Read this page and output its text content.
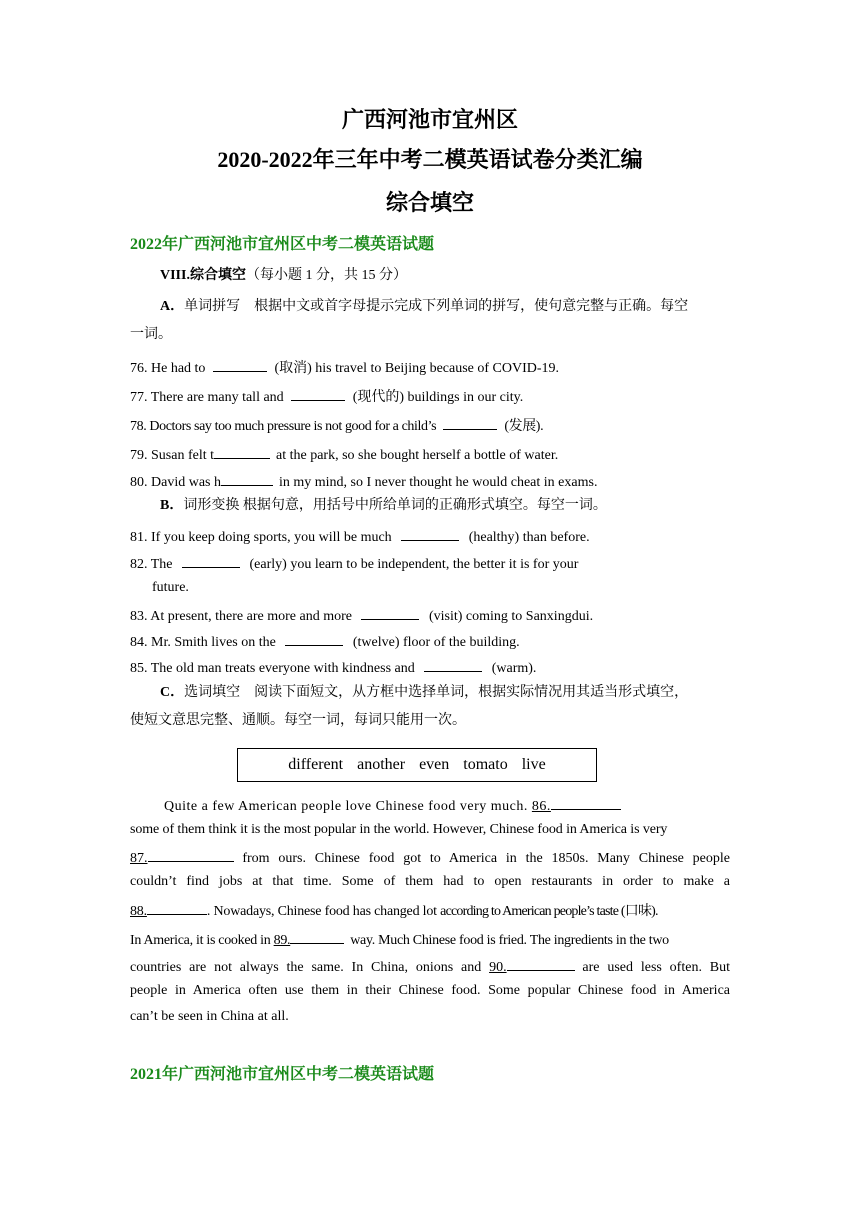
广西河池市宜州区
2020-2022年三年中考二模英语试卷分类汇编
综合填空
2022年广西河池市宜州区中考二模英语试题
VIII.综合填空（每小题 1 分，共 15 分）
A．单词拼写　根据中文或首字母提示完成下列单词的拼写，使句意完整与正确。每空
一词。
76. He had to	(取消) his travel to Beijing because of COVID-19.
77. There are many tall and	(现代的) buildings in our city.
78. Doctors say too much pressure is not good for a child’s	(发展).
79. Susan felt t	at the park, so she bought herself a bottle of water.
80. David was h	in my mind, so I never thought he would cheat in exams.
B．词形变换 根据句意，用括号中所给单词的正确形式填空。每空一词。
81. If you keep doing sports, you will be much	(healthy) than before.
82. The	(early) you learn to be independent, the better it is for your
future.
83. At present, there are more and more	(visit) coming to Sanxingdui.
84. Mr. Smith lives on the	(twelve) floor of the building.
85. The old man treats everyone with kindness and	(warm).
C．选词填空　阅读下面短文，从方框中选择单词，根据实际情况用其适当形式填空，
使短文意思完整、通顺。每空一词，每词只能用一次。
different another even tomato live
Quite a few American people love Chinese food very much. 86.
some of them think it is the most popular in the world. However, Chinese food in America is very
87.	from ours. Chinese food got to America in the 1850s. Many Chinese people
couldn’t find jobs at that time. Some of them had to open restaurants in order to make a
88.	. Nowadays, Chinese food has changed lot according to American people’s taste (口味).
In America, it is cooked in 89.	way. Much Chinese food is fried. The ingredients in the two
countries are not always the same. In China, onions and 90.	are used less often. But
people in America often use them in their Chinese food. Some popular Chinese food in America
can’t be seen in China at all.
2021年广西河池市宜州区中考二模英语试题
